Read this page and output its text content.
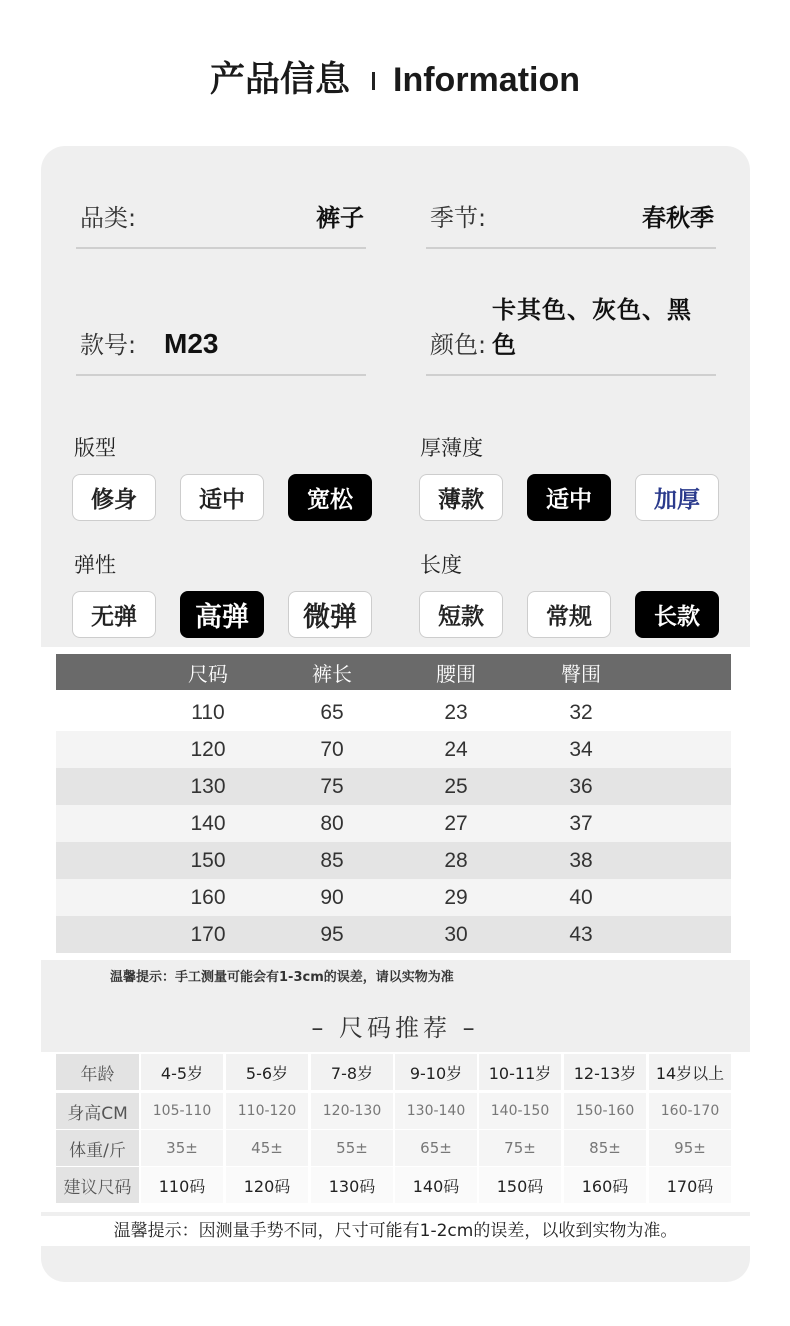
产品信息 Information
品类:	裤子	季节:	春秋季
款号: M23	颜色:
卡其色、灰色、黑色
版型
修身	适中	宽松
厚薄度
薄款	适中	加厚
弹性
无弹	高弹	微弹
长度
短款	常规	长款
尺码	裤长	腰围	臀围
110	65	23	32
120	70	24	34
130	75	25	36
140	80	27	37
150	85	28	38
160	90	29	40
170	95	30	43
温馨提示：手工测量可能会有1-3cm的误差，请以实物为准
– 尺码推荐 –
年龄	4-5岁	5-6岁	7-8岁	9-10岁	10-11岁	12-13岁	14岁以上
身高CM	105-110	110-120	120-130	130-140	140-150	150-160	160-170
体重/斤	35±	45±	55±	65±	75±	85±	95±
建议尺码	110码	120码	130码	140码	150码	160码	170码
温馨提示：因测量手势不同，尺寸可能有1-2cm的误差，以收到实物为准。
